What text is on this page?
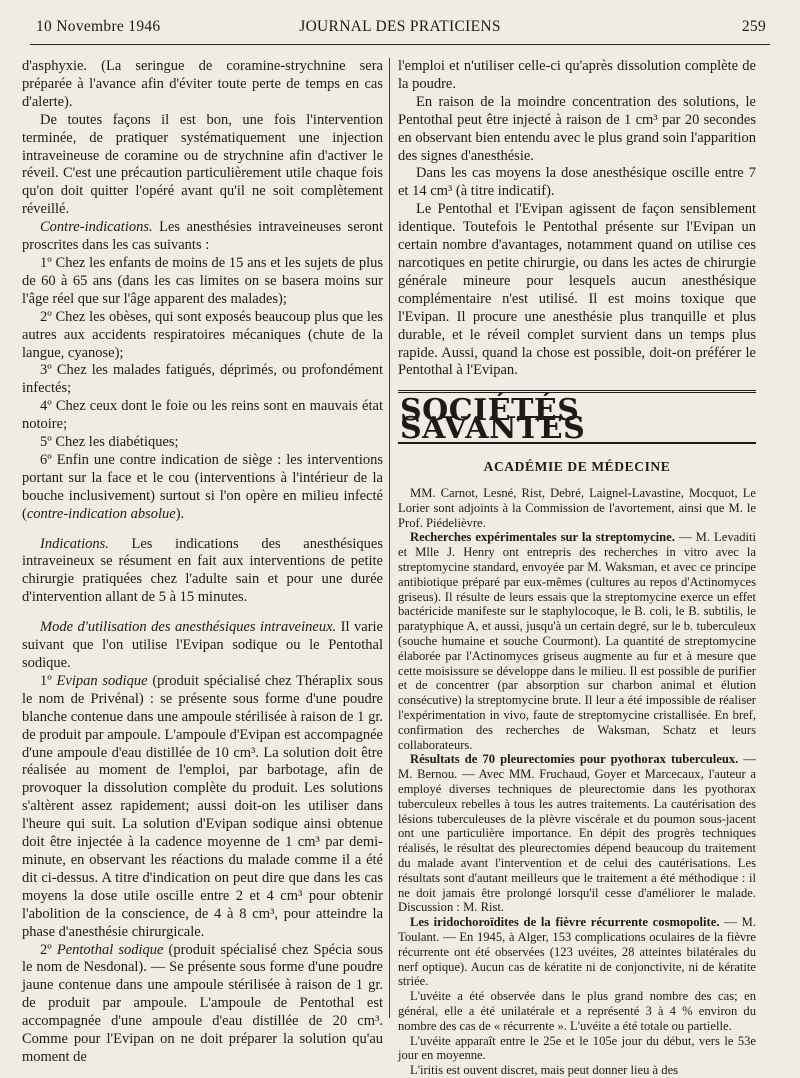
10 Novembre 1946	JOURNAL DES PRATICIENS	259

d'asphyxie. (La seringue de coramine-strychnine sera préparée à l'avance afin d'éviter toute perte de temps en cas d'alerte).

De toutes façons il est bon, une fois l'intervention terminée, de pratiquer systématiquement une injection intraveineuse de coramine ou de strychnine afin d'activer le réveil. C'est une précaution particulièrement utile chaque fois qu'on doit quitter l'opéré avant qu'il ne soit complètement réveillé.

Contre-indications. Les anesthésies intraveineuses seront proscrites dans les cas suivants :

1º Chez les enfants de moins de 15 ans et les sujets de plus de 60 à 65 ans (dans les cas limites on se basera moins sur l'âge réel que sur l'âge apparent des malades);

2º Chez les obèses, qui sont exposés beaucoup plus que les autres aux accidents respiratoires mécaniques (chute de la langue, cyanose);

3º Chez les malades fatigués, déprimés, ou profondément infectés;

4º Chez ceux dont le foie ou les reins sont en mauvais état notoire;

5º Chez les diabétiques;

6º Enfin une contre indication de siège : les interventions portant sur la face et le cou (interventions à l'intérieur de la bouche inclusivement) surtout si l'on opère en milieu infecté (contre-indication absolue).

Indications. Les indications des anesthésiques intraveineux se résument en fait aux interventions de petite chirurgie pratiquées chez l'adulte sain et pour une durée d'intervention allant de 5 à 15 minutes.

Mode d'utilisation des anesthésiques intraveineux. Il varie suivant que l'on utilise l'Evipan sodique ou le Pentothal sodique.

1º Evipan sodique (produit spécialisé chez Théraplix sous le nom de Privénal) : se présente sous forme d'une poudre blanche contenue dans une ampoule stérilisée à raison de 1 gr. de produit par ampoule. L'ampoule d'Evipan est accompagnée d'une ampoule d'eau distillée de 10 cm³. La solution doit être réalisée au moment de l'emploi, par barbotage, afin de provoquer la dissolution complète du produit. Les solutions s'altèrent assez rapidement; aussi doit-on les utiliser dans l'heure qui suit. La solution d'Evipan sodique ainsi obtenue doit être injectée à la cadence moyenne de 1 cm³ par demi-minute, en observant les réactions du malade comme il a été dit ci-dessus. A titre d'indication on peut dire que dans les cas moyens la dose utile oscille entre 2 et 4 cm³ pour obtenir l'abolition de la conscience, de 4 à 8 cm³, pour atteindre la phase d'anesthésie chirurgicale.

2º Pentothal sodique (produit spécialisé chez Spécia sous le nom de Nesdonal). — Se présente sous forme d'une poudre jaune contenue dans une ampoule stérilisée à raison de 1 gr. de produit par ampoule. L'ampoule de Pentothal est accompagnée d'une ampoule d'eau distillée de 20 cm³. Comme pour l'Evipan on ne doit préparer la solution qu'au moment de

l'emploi et n'utiliser celle-ci qu'après dissolution complète de la poudre.

En raison de la moindre concentration des solutions, le Pentothal peut être injecté à raison de 1 cm³ par 20 secondes en observant bien entendu avec le plus grand soin l'apparition des signes d'anesthésie.

Dans les cas moyens la dose anesthésique oscille entre 7 et 14 cm³ (à titre indicatif).

Le Pentothal et l'Evipan agissent de façon sensiblement identique. Toutefois le Pentothal présente sur l'Evipan un certain nombre d'avantages, notamment quand on utilise ces narcotiques en petite chirurgie, ou dans les actes de chirurgie générale mineure pour lesquels aucun anesthésique complémentaire n'est utilisé. Il est moins toxique que l'Evipan. Il procure une anesthésie plus tranquille et plus durable, et le réveil complet survient dans un temps plus rapide. Aussi, quand la chose est possible, doit-on préférer le Pentothal à l'Evipan.

SOCIÉTÉS SAVANTES
ACADÉMIE DE MÉDECINE

MM. Carnot, Lesné, Rist, Debré, Laignel-Lavastine, Mocquot, Le Lorier sont adjoints à la Commission de l'avortement, ainsi que M. le Prof. Piédelièvre.

Recherches expérimentales sur la streptomycine. — M. Levaditi et Mlle J. Henry ont entrepris des recherches in vitro avec la streptomycine standard, envoyée par M. Waksman, et avec ce principe antibiotique préparé par eux-mêmes (cultures au repos d'Actinomyces griseus). Il résulte de leurs essais que la streptomycine exerce un effet bactéricide manifeste sur le staphylocoque, le B. coli, le B. subtilis, le paratyphique A, et aussi, jusqu'à un certain degré, sur le b. tuberculeux (souche humaine et souche Courmont). La quantité de streptomycine élaborée par l'Actinomyces griseus augmente au fur et à mesure que cette moisissure se développe dans le milieu. Il est possible de purifier et de concentrer (par absorption sur charbon animal et élution consécutive) la streptomycine brute. Il leur a été impossible de réaliser l'expérimentation in vivo, faute de streptomycine cristallisée. En bref, confirmation des recherches de Waksman, Schatz et leurs collaborateurs.

Résultats de 70 pleurectomies pour pyothorax tuberculeux. — M. Bernou. — Avec MM. Fruchaud, Goyer et Marcecaux, l'auteur a employé diverses techniques de pleurectomie dans les pyothorax tuberculeux rebelles à tous les autres traitements. La cautérisation des lésions tuberculeuses de la plèvre viscérale et du poumon sous-jacent ont une particulière importance. En dépit des progrès techniques réalisés, le résultat des pleurectomies dépend beaucoup du traitement du malade avant l'intervention et de celui des cautérisations. Les résultats sont d'autant meilleurs que le traitement a été méthodique : il ne doit jamais être prolongé lorsqu'il cesse d'améliorer le malade. Discussion : M. Rist.

Les iridochoroïdites de la fièvre récurrente cosmopolite. — M. Toulant. — En 1945, à Alger, 153 complications oculaires de la fièvre récurrente ont été observées (123 uvéites, 28 atteintes bilatérales du nerf optique). Aucun cas de kératite ni de conjonctivite, ni de kératite striée.

L'uvéite a été observée dans le plus grand nombre des cas; en général, elle a été unilatérale et a représenté 3 à 4 % environ du nombre des cas de « récurrente ». L'uvéite a été totale ou partielle.

L'uvéite apparaît entre le 25e et le 105e jour du début, vers le 53e jour en moyenne.

L'iritis est ouvent discret, mais peut donner lieu à des
